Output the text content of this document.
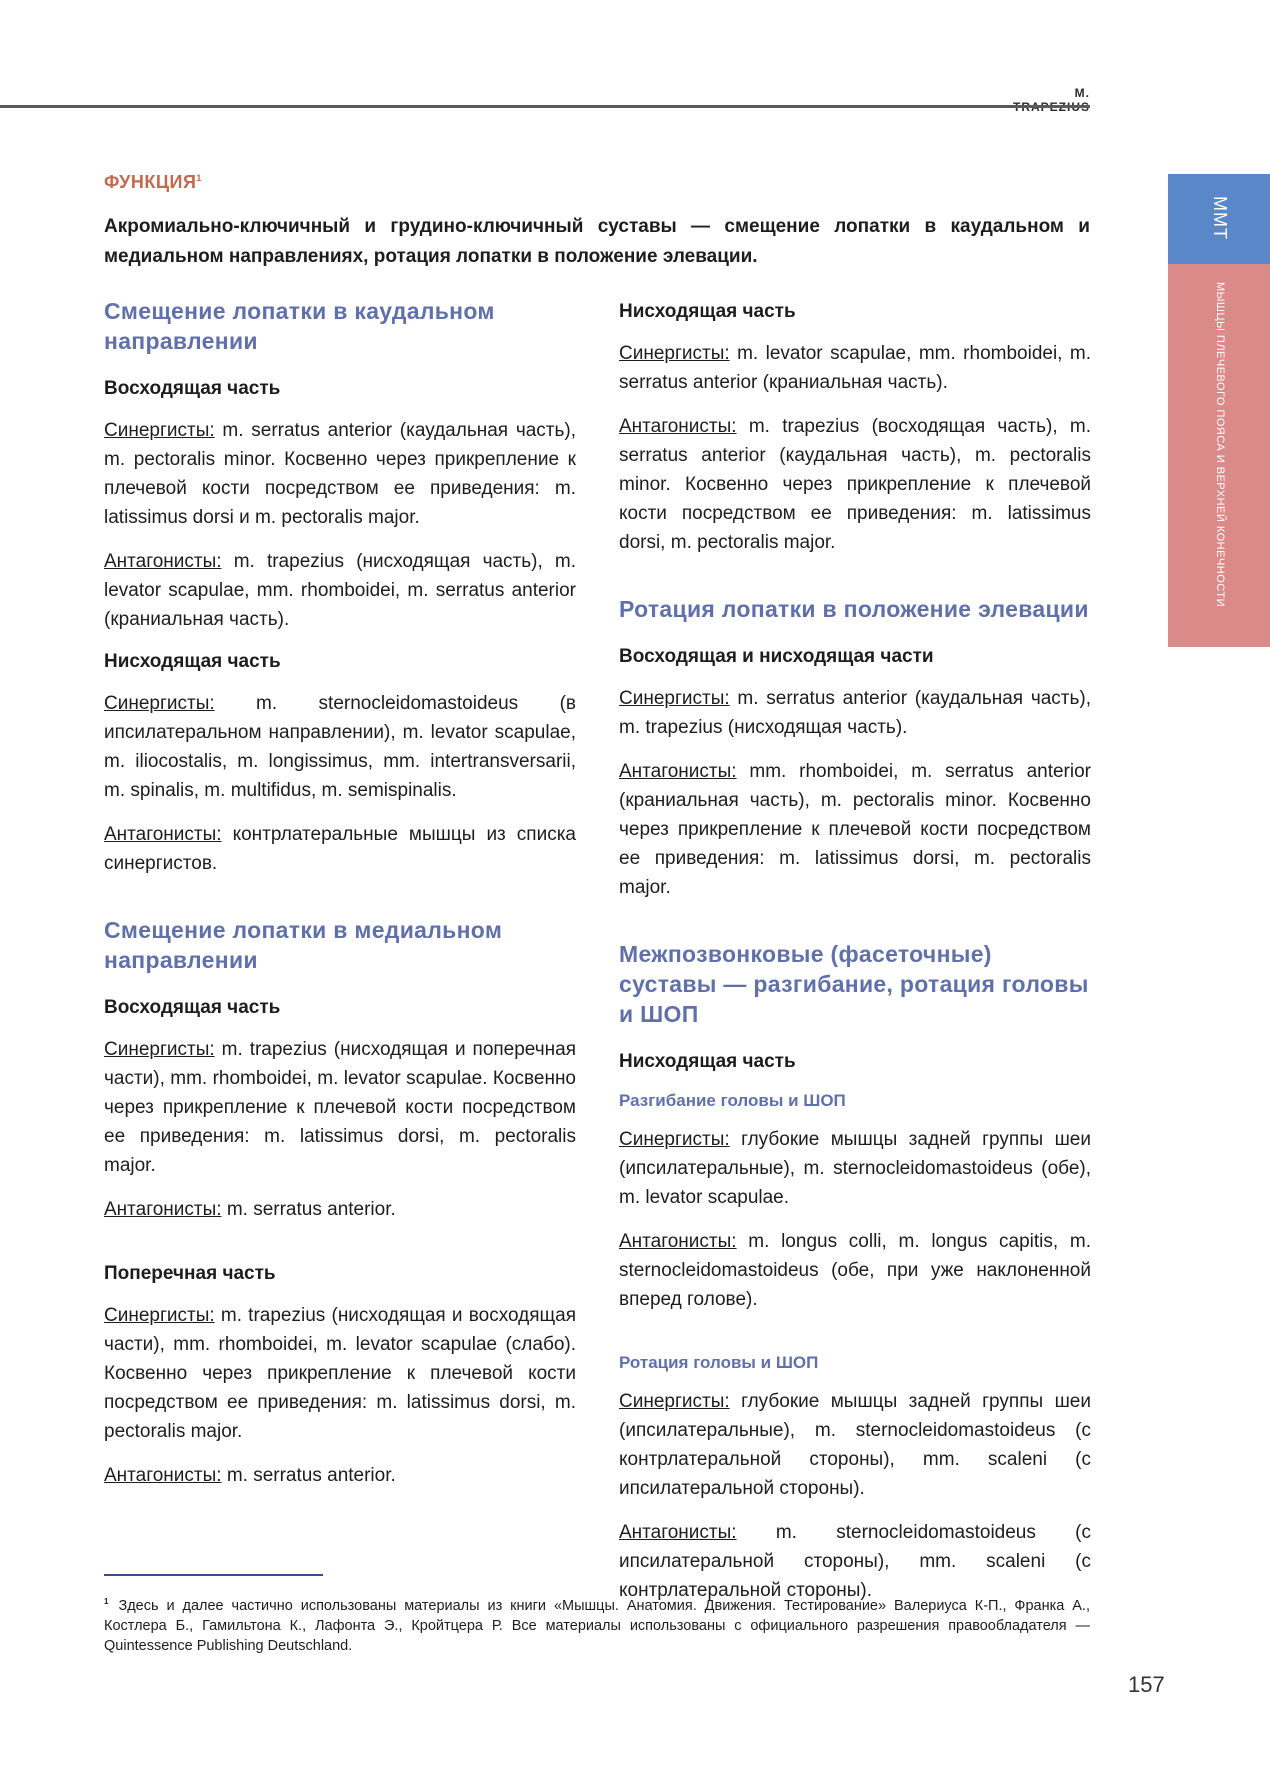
M.
ММТ
МЫШЦЫ ПЛЕЧЕВОГО ПОЯСА И ВЕРХНЕЙ КОНЕЧНОСТИ
ФУНКЦИЯ$^1$
Акромиально-ключичный и грудино-ключичный суставы — смещение лопатки в каудальном и медиальном направлениях, ротация лопатки в положение элевации.
Смещение лопатки в каудальном направлении
Восходящая часть

Синергисты: m. serratus anterior (каудальная часть), m. pectoralis minor. Косвенно через прикрепление к плечевой кости посредством ее приведения: m. latissimus dorsi и m. pectoralis major.

Антагонисты: m. trapezius (нисходящая часть), m. levator scapulae, mm. rhomboidei, m. serratus anterior (краниальная часть).

Нисходящая часть

Синергисты: m. sternocleidomastoideus (в ипсилатеральном направлении), m. levator scapulae, m. iliocostalis, m. longissimus, mm. intertransversarii, m. spinalis, m. multifidus, m. semispinalis.

Антагонисты: контрлатеральные мышцы из списка синергистов.

Смещение лопатки в медиальном направлении
Восходящая часть

Синергисты: m. trapezius (нисходящая и поперечная части), mm. rhomboidei, m. levator scapulae. Косвенно через прикрепление к плечевой кости посредством ее приведения: m. latissimus dorsi, m. pectoralis major.

Антагонисты: m. serratus anterior.

Поперечная часть

Синергисты: m. trapezius (нисходящая и восходящая части), mm. rhomboidei, m. levator scapulae (слабо). Косвенно через прикрепление к плечевой кости посредством ее приведения: m. latissimus dorsi, m. pectoralis major.

Антагонисты: m. serratus anterior.

Нисходящая часть

Синергисты: m. levator scapulae, mm. rhomboidei, m. serratus anterior (краниальная часть).

Антагонисты: m. trapezius (восходящая часть), m. serratus anterior (каудальная часть), m. pectoralis minor. Косвенно через прикрепление к плечевой кости посредством ее приведения: m. latissimus dorsi, m. pectoralis major.

Ротация лопатки в положение элевации
Восходящая и нисходящая части

Синергисты: m. serratus anterior (каудальная часть), m. trapezius (нисходящая часть).

Антагонисты: mm. rhomboidei, m. serratus anterior (краниальная часть), m. pectoralis minor. Косвенно через прикрепление к плечевой кости посредством ее приведения: m. latissimus dorsi, m. pectoralis major.

Межпозвонковые (фасеточные) суставы — разгибание, ротация головы и ШОП
Нисходящая часть
Разгибание головы и ШОП

Синергисты: глубокие мышцы задней группы шеи (ипсилатеральные), m. sternocleidomastoideus (обе), m. levator scapulae.

Антагонисты: m. longus colli, m. longus capitis, m. sternocleidomastoideus (обе, при уже наклоненной вперед голове).

Ротация головы и ШОП

Синергисты: глубокие мышцы задней группы шеи (ипсилатеральные), m. sternocleidomastoideus (с контрлатеральной стороны), mm. scaleni (с ипсилатеральной стороны).

Антагонисты: m. sternocleidomastoideus (с ипсилатеральной стороны), mm. scaleni (с контрлатеральной стороны).

$^1$ Здесь и далее частично использованы материалы из книги «Мышцы. Анатомия. Движения. Тестирование» Валериуса К-П., Франка А., Костлера Б., Гамильтона К., Лафонта Э., Кройтцера Р. Все материалы использованы с официального разрешения правообладателя — Quintessence Publishing Deutschland.
157
